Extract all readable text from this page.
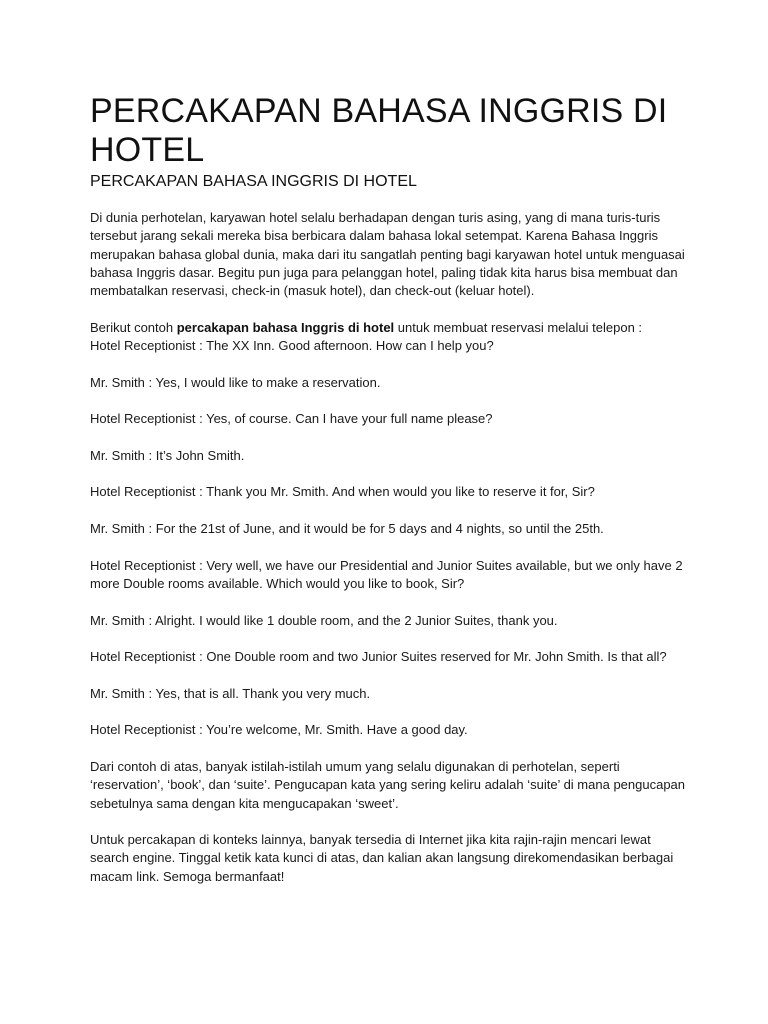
PERCAKAPAN BAHASA INGGRIS DI HOTEL
PERCAKAPAN BAHASA INGGRIS DI HOTEL

Di dunia perhotelan, karyawan hotel selalu berhadapan dengan turis asing, yang di mana turis-turis tersebut jarang sekali mereka bisa berbicara dalam bahasa lokal setempat. Karena Bahasa Inggris merupakan bahasa global dunia, maka dari itu sangatlah penting bagi karyawan hotel untuk menguasai bahasa Inggris dasar. Begitu pun juga para pelanggan hotel, paling tidak kita harus bisa membuat dan membatalkan reservasi, check-in (masuk hotel), dan check-out (keluar hotel).

Berikut contoh percakapan bahasa Inggris di hotel untuk membuat reservasi melalui telepon :

Hotel Receptionist : The XX Inn. Good afternoon. How can I help you?

Mr. Smith : Yes, I would like to make a reservation.

Hotel Receptionist : Yes, of course. Can I have your full name please?

Mr. Smith : It’s John Smith.

Hotel Receptionist : Thank you Mr. Smith. And when would you like to reserve it for, Sir?

Mr. Smith : For the 21st of June, and it would be for 5 days and 4 nights, so until the 25th.

Hotel Receptionist : Very well, we have our Presidential and Junior Suites available, but we only have 2 more Double rooms available. Which would you like to book, Sir?

Mr. Smith : Alright. I would like 1 double room, and the 2 Junior Suites, thank you.

Hotel Receptionist : One Double room and two Junior Suites reserved for Mr. John Smith. Is that all?

Mr. Smith : Yes, that is all. Thank you very much.

Hotel Receptionist : You’re welcome, Mr. Smith. Have a good day.

Dari contoh di atas, banyak istilah-istilah umum yang selalu digunakan di perhotelan, seperti ‘reservation’, ‘book’, dan ‘suite’. Pengucapan kata yang sering keliru adalah ‘suite’ di mana pengucapan sebetulnya sama dengan kita mengucapakan ‘sweet’.

Untuk percakapan di konteks lainnya, banyak tersedia di Internet jika kita rajin-rajin mencari lewat search engine. Tinggal ketik kata kunci di atas, dan kalian akan langsung direkomendasikan berbagai macam link. Semoga bermanfaat!
